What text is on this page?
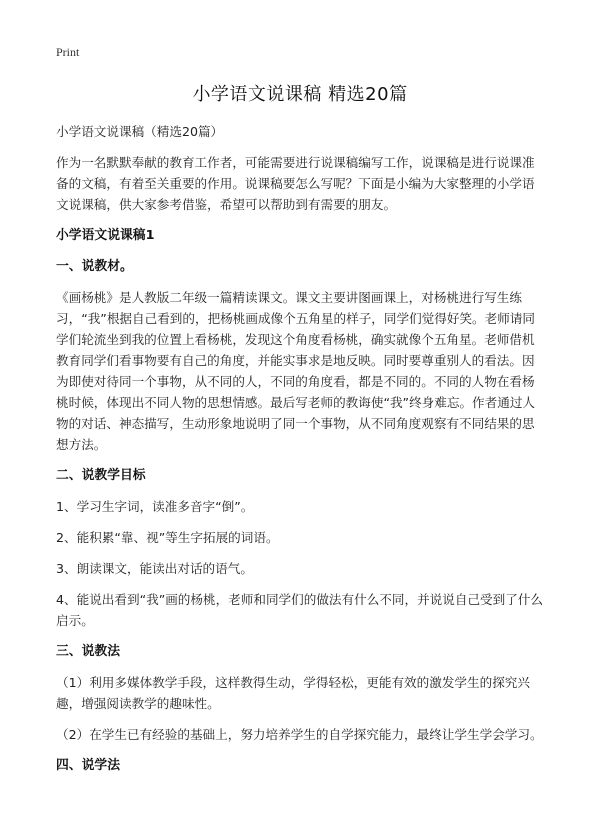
Print
小学语文说课稿 精选20篇

小学语文说课稿（精选20篇）

作为一名默默奉献的教育工作者，可能需要进行说课稿编写工作，说课稿是进行说课准备的文稿，有着至关重要的作用。说课稿要怎么写呢？下面是小编为大家整理的小学语文说课稿，供大家参考借鉴，希望可以帮助到有需要的朋友。

小学语文说课稿1

一、说教材。

《画杨桃》是人教版二年级一篇精读课文。课文主要讲图画课上，对杨桃进行写生练习，“我”根据自己看到的，把杨桃画成像个五角星的样子，同学们觉得好笑。老师请同学们轮流坐到我的位置上看杨桃，发现这个角度看杨桃，确实就像个五角星。老师借机教育同学们看事物要有自己的角度，并能实事求是地反映。同时要尊重别人的看法。因为即使对待同一个事物，从不同的人，不同的角度看，都是不同的。不同的人物在看杨桃时候，体现出不同人物的思想情感。最后写老师的教诲使“我”终身难忘。作者通过人物的对话、神态描写，生动形象地说明了同一个事物，从不同角度观察有不同结果的思想方法。

二、说教学目标

1、学习生字词，读准多音字“倒”。

2、能积累“靠、视”等生字拓展的词语。

3、朗读课文，能读出对话的语气。

4、能说出看到“我”画的杨桃，老师和同学们的做法有什么不同，并说说自己受到了什么启示。

三、说教法

（1）利用多媒体教学手段，这样教得生动，学得轻松，更能有效的激发学生的探究兴趣，增强阅读教学的趣味性。

（2）在学生已有经验的基础上，努力培养学生的自学探究能力，最终让学生学会学习。

四、说学法
